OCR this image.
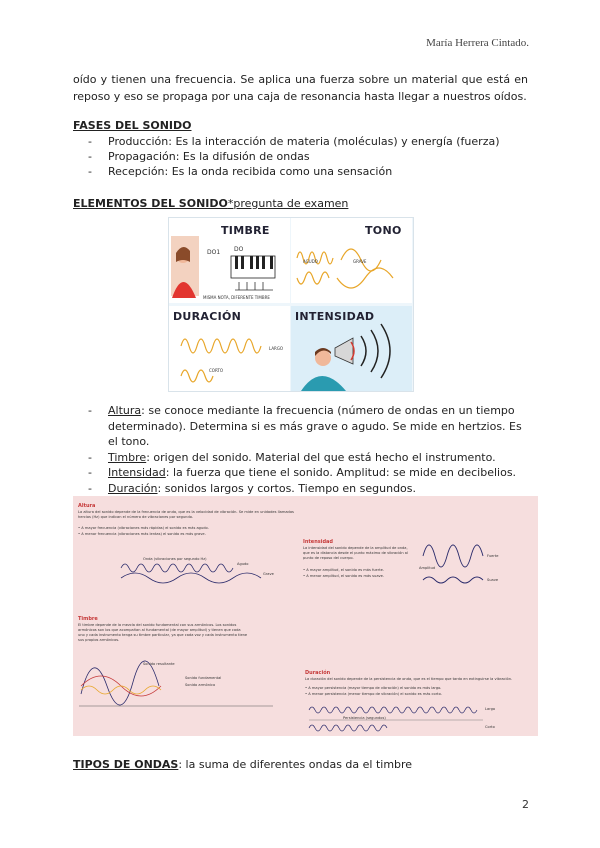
María Herrera Cintado.
oído y tienen una frecuencia. Se aplica una fuerza sobre un material que está en reposo y eso se propaga por una caja de resonancia hasta llegar a nuestros oídos.
FASES DEL SONIDO
- Producción: Es la interacción de materia (moléculas) y energía (fuerza)
- Propagación: Es la difusión de ondas
- Recepción: Es la onda recibida como una sensación
ELEMENTOS DEL SONIDO*pregunta de examen
TIMBRE
DO1 DO
MISMA NOTA, DIFERENTE TIMBRE
TONO
AGUDO	GRAVE
DURACIÓN
LARGO
CORTO
INTENSIDAD
- Altura: se conoce mediante la frecuencia (número de ondas en un tiempo determinado). Determina si es más grave o agudo. Se mide en hertzios. Es el tono.
- Timbre: origen del sonido. Material del que está hecho el instrumento.
- Intensidad: la fuerza que tiene el sonido. Amplitud: se mide en decibelios.
- Duración: sonidos largos y cortos. Tiempo en segundos.
Altura
La altura del sonido depende de la frecuencia de onda, que es la velocidad de vibración. Se mide en unidades llamadas hercios (Hz) que indican el número de vibraciones por segundo.
• A mayor frecuencia (vibraciones más rápidas) el sonido es más agudo.
• A menor frecuencia (vibraciones más lentas) el sonido es más grave.
Agudo
Grave
Onda (vibraciones por segundo Hz)
Intensidad
La intensidad del sonido depende de la amplitud de onda, que es la distancia desde el punto máximo de vibración al punto de reposo del cuerpo.
• A mayor amplitud, el sonido es más fuerte.
• A menor amplitud, el sonido es más suave.
Fuerte
Suave
Amplitud
Timbre
El timbre depende de la mezcla del sonido fundamental con sus armónicos. Los sonidos armónicos son los que acompañan al fundamental (de mayor amplitud) y tienen que cada uno y cada instrumento tenga su timbre particular, ya que cada voz y cada instrumento tiene sus propios armónicos.
Sonido resultante
Sonido fundamental
Sonido armónico
Duración
La duración del sonido depende de la persistencia de onda, que es el tiempo que tarda en extinguirse la vibración.
• A mayor persistencia (mayor tiempo de vibración) el sonido es más largo.
• A menor persistencia (menor tiempo de vibración) el sonido es más corto.
Largo
Corto
Persistencia (segundos)
TIPOS DE ONDAS: la suma de diferentes ondas da el timbre
2
